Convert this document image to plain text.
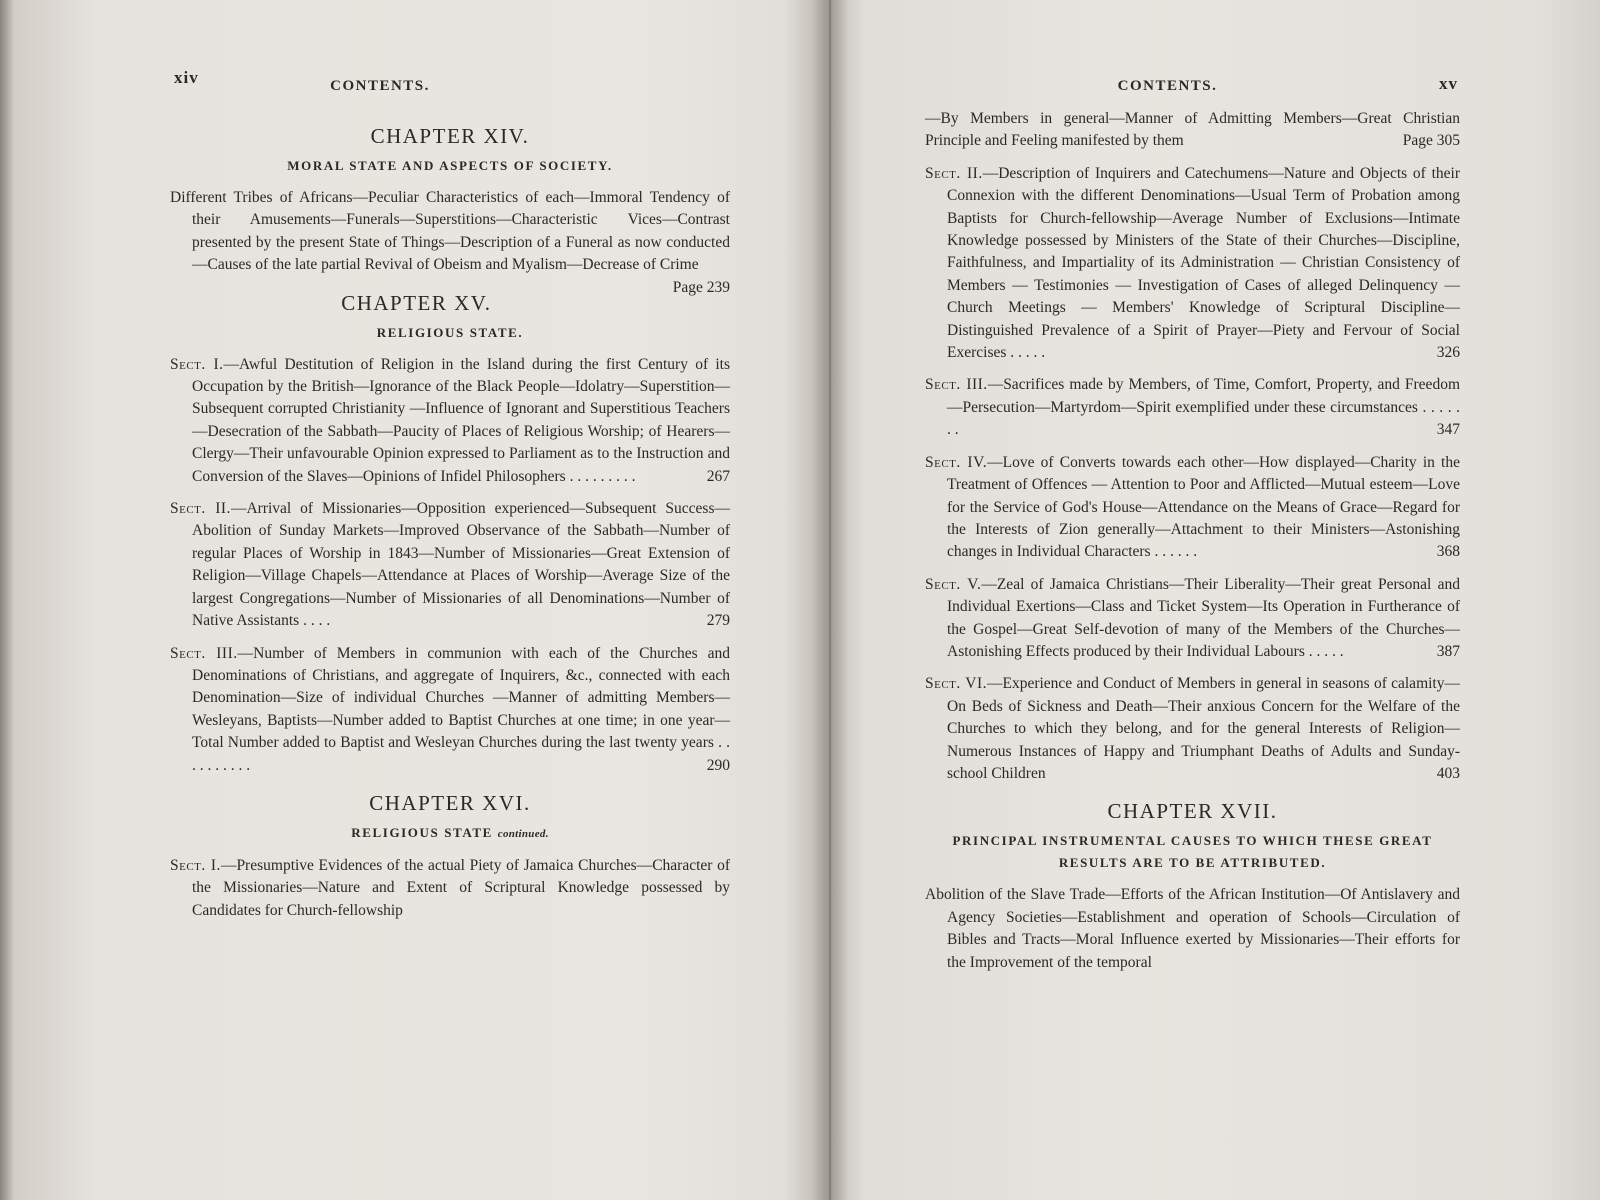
xiv	CONTENTS.
CHAPTER XIV.
MORAL STATE AND ASPECTS OF SOCIETY.
Different Tribes of Africans—Peculiar Characteristics of each—Immoral Tendency of their Amusements—Funerals—Superstitions—Characteristic Vices—Contrast presented by the present State of Things—Description of a Funeral as now conducted—Causes of the late partial Revival of Obeism and Myalism—Decrease of Crime
Page 239
CHAPTER XV.
RELIGIOUS STATE.
Sect. I.—Awful Destitution of Religion in the Island during the first Century of its Occupation by the British—Ignorance of the Black People—Idolatry—Superstition—Subsequent corrupted Christianity —Influence of Ignorant and Superstitious Teachers—Desecration of the Sabbath—Paucity of Places of Religious Worship; of Hearers—Clergy—Their unfavourable Opinion expressed to Parliament as to the Instruction and Conversion of the Slaves—Opinions of Infidel Philosophers . . . . . . . . .	267
Sect. II.—Arrival of Missionaries—Opposition experienced—Subsequent Success—Abolition of Sunday Markets—Improved Observance of the Sabbath—Number of regular Places of Worship in 1843—Number of Missionaries—Great Extension of Religion—Village Chapels—Attendance at Places of Worship—Average Size of the largest Congregations—Number of Missionaries of all Denominations—Number of Native Assistants . . . .	279
Sect. III.—Number of Members in communion with each of the Churches and Denominations of Christians, and aggregate of Inquirers, &c., connected with each Denomination—Size of individual Churches —Manner of admitting Members—Wesleyans, Baptists—Number added to Baptist Churches at one time; in one year—Total Number added to Baptist and Wesleyan Churches during the last twenty years . . . . . . . . . .	290
CHAPTER XVI.
RELIGIOUS STATE continued.
Sect. I.—Presumptive Evidences of the actual Piety of Jamaica Churches—Character of the Missionaries—Nature and Extent of Scriptural Knowledge possessed by Candidates for Church-fellowship
CONTENTS.	xv
—By Members in general—Manner of Admitting Members—Great Christian Principle and Feeling manifested by them	Page 305
Sect. II.—Description of Inquirers and Catechumens—Nature and Objects of their Connexion with the different Denominations—Usual Term of Probation among Baptists for Church-fellowship—Average Number of Exclusions—Intimate Knowledge possessed by Ministers of the State of their Churches—Discipline, Faithfulness, and Impartiality of its Administration — Christian Consistency of Members — Testimonies — Investigation of Cases of alleged Delinquency — Church Meetings — Members' Knowledge of Scriptural Discipline—Distinguished Prevalence of a Spirit of Prayer—Piety and Fervour of Social Exercises . . . . .	326
Sect. III.—Sacrifices made by Members, of Time, Comfort, Property, and Freedom—Persecution—Martyrdom—Spirit exemplified under these circumstances . . . . . . .	347
Sect. IV.—Love of Converts towards each other—How displayed—Charity in the Treatment of Offences — Attention to Poor and Afflicted—Mutual esteem—Love for the Service of God's House—Attendance on the Means of Grace—Regard for the Interests of Zion generally—Attachment to their Ministers—Astonishing changes in Individual Characters . . . . . .	368
Sect. V.—Zeal of Jamaica Christians—Their Liberality—Their great Personal and Individual Exertions—Class and Ticket System—Its Operation in Furtherance of the Gospel—Great Self-devotion of many of the Members of the Churches—Astonishing Effects produced by their Individual Labours . . . . .	387
Sect. VI.—Experience and Conduct of Members in general in seasons of calamity—On Beds of Sickness and Death—Their anxious Concern for the Welfare of the Churches to which they belong, and for the general Interests of Religion—Numerous Instances of Happy and Triumphant Deaths of Adults and Sunday-school Children	403
CHAPTER XVII.
PRINCIPAL INSTRUMENTAL CAUSES TO WHICH THESE GREAT RESULTS ARE TO BE ATTRIBUTED.
Abolition of the Slave Trade—Efforts of the African Institution—Of Antislavery and Agency Societies—Establishment and operation of Schools—Circulation of Bibles and Tracts—Moral Influence exerted by Missionaries—Their efforts for the Improvement of the temporal
